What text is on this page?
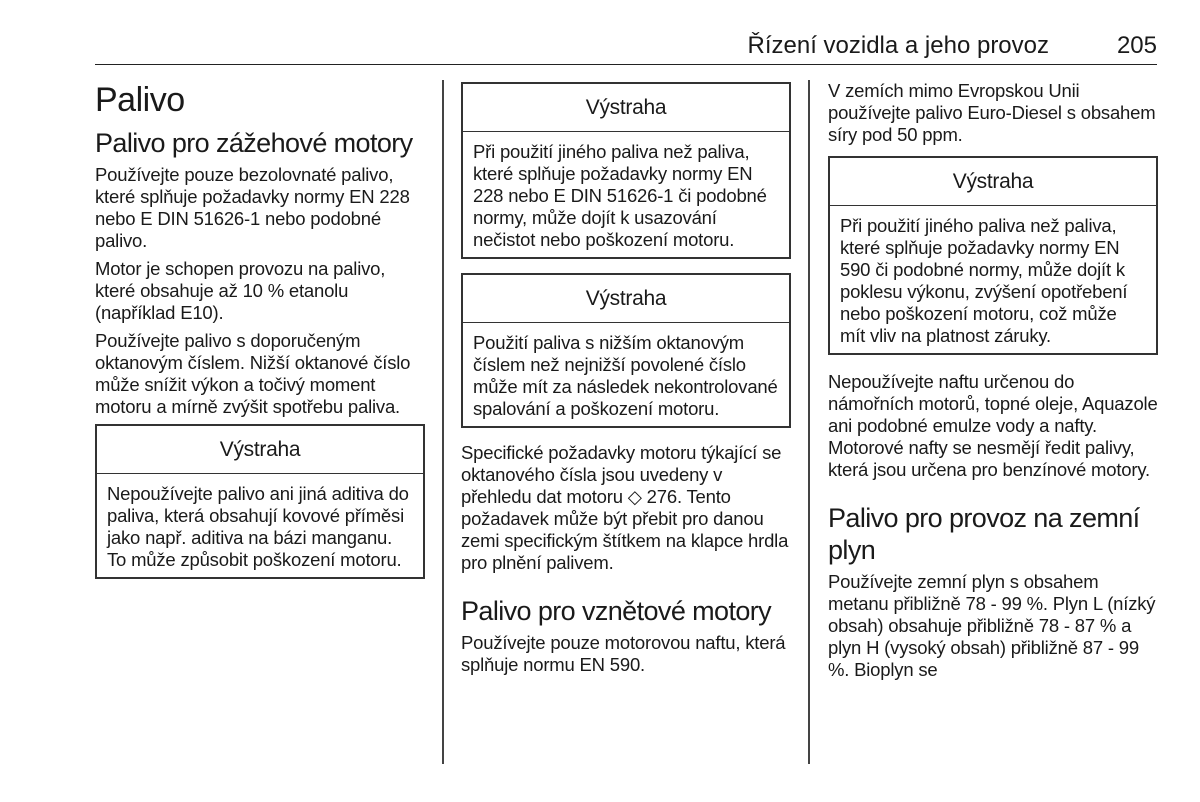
Řízení vozidla a jeho provoz	205
Palivo
Palivo pro zážehové motory

Používejte pouze bezolovnaté palivo, které splňuje požadavky normy EN 228 nebo E DIN 51626-1 nebo podobné palivo.

Motor je schopen provozu na palivo, které obsahuje až 10 % etanolu (například E10).

Používejte palivo s doporučeným oktanovým číslem. Nižší oktanové číslo může snížit výkon a točivý moment motoru a mírně zvýšit spotřebu paliva.

Výstraha

Nepoužívejte palivo ani jiná aditiva do paliva, která obsahují kovové příměsi jako např. aditiva na bázi manganu. To může způsobit poškození motoru.

Výstraha

Při použití jiného paliva než paliva, které splňuje požadavky normy EN 228 nebo E DIN 51626-1 či podobné normy, může dojít k usazování nečistot nebo poškození motoru.

Výstraha

Použití paliva s nižším oktanovým číslem než nejnižší povolené číslo může mít za následek nekontrolované spalování a poškození motoru.

Specifické požadavky motoru týkající se oktanového čísla jsou uvedeny v přehledu dat motoru ◇ 276. Tento požadavek může být přebit pro danou zemi specifickým štítkem na klapce hrdla pro plnění palivem.

Palivo pro vznětové motory

Používejte pouze motorovou naftu, která splňuje normu EN 590.

V zemích mimo Evropskou Unii používejte palivo Euro-Diesel s obsahem síry pod 50 ppm.

Výstraha

Při použití jiného paliva než paliva, které splňuje požadavky normy EN 590 či podobné normy, může dojít k poklesu výkonu, zvýšení opotřebení nebo poškození motoru, což může mít vliv na platnost záruky.

Nepoužívejte naftu určenou do námořních motorů, topné oleje, Aquazole ani podobné emulze vody a nafty. Motorové nafty se nesmějí ředit palivy, která jsou určena pro benzínové motory.

Palivo pro provoz na zemní plyn

Používejte zemní plyn s obsahem metanu přibližně 78 - 99 %. Plyn L (nízký obsah) obsahuje přibližně 78 - 87 % a plyn H (vysoký obsah) přibližně 87 - 99 %. Bioplyn se
